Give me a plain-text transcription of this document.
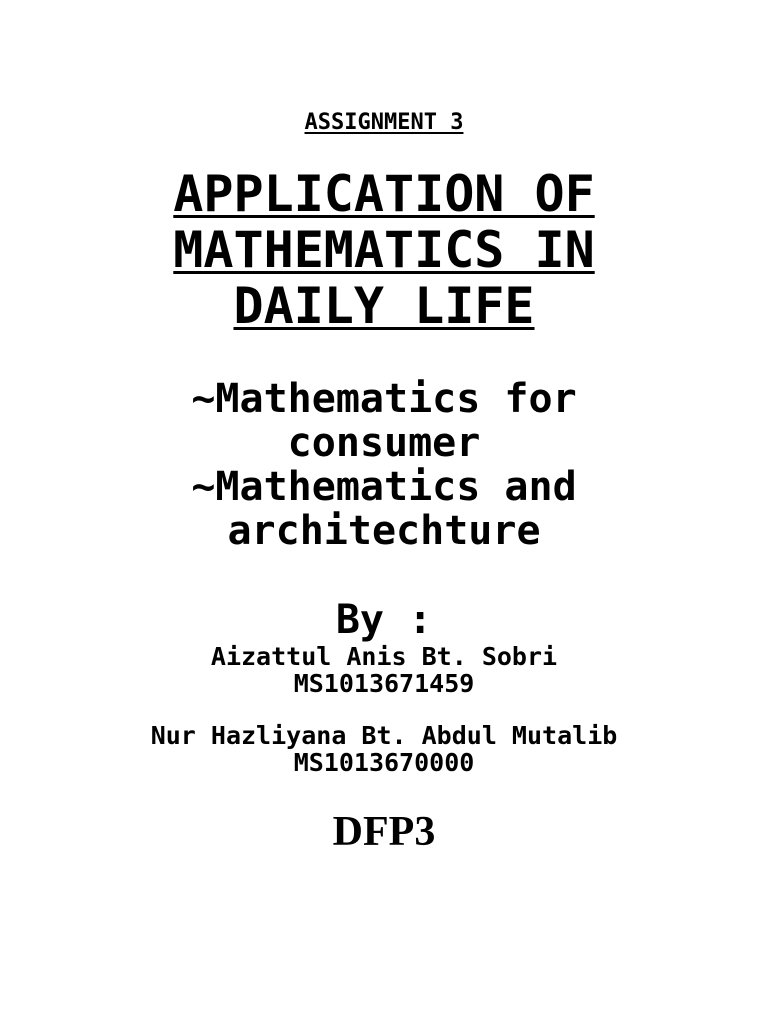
ASSIGNMENT 3
APPLICATION OF
MATHEMATICS IN
DAILY LIFE
~Mathematics for
consumer
~Mathematics and
architechture
By :
Aizattul Anis Bt. Sobri
MS1013671459
Nur Hazliyana Bt. Abdul Mutalib
MS1013670000
DFP3
